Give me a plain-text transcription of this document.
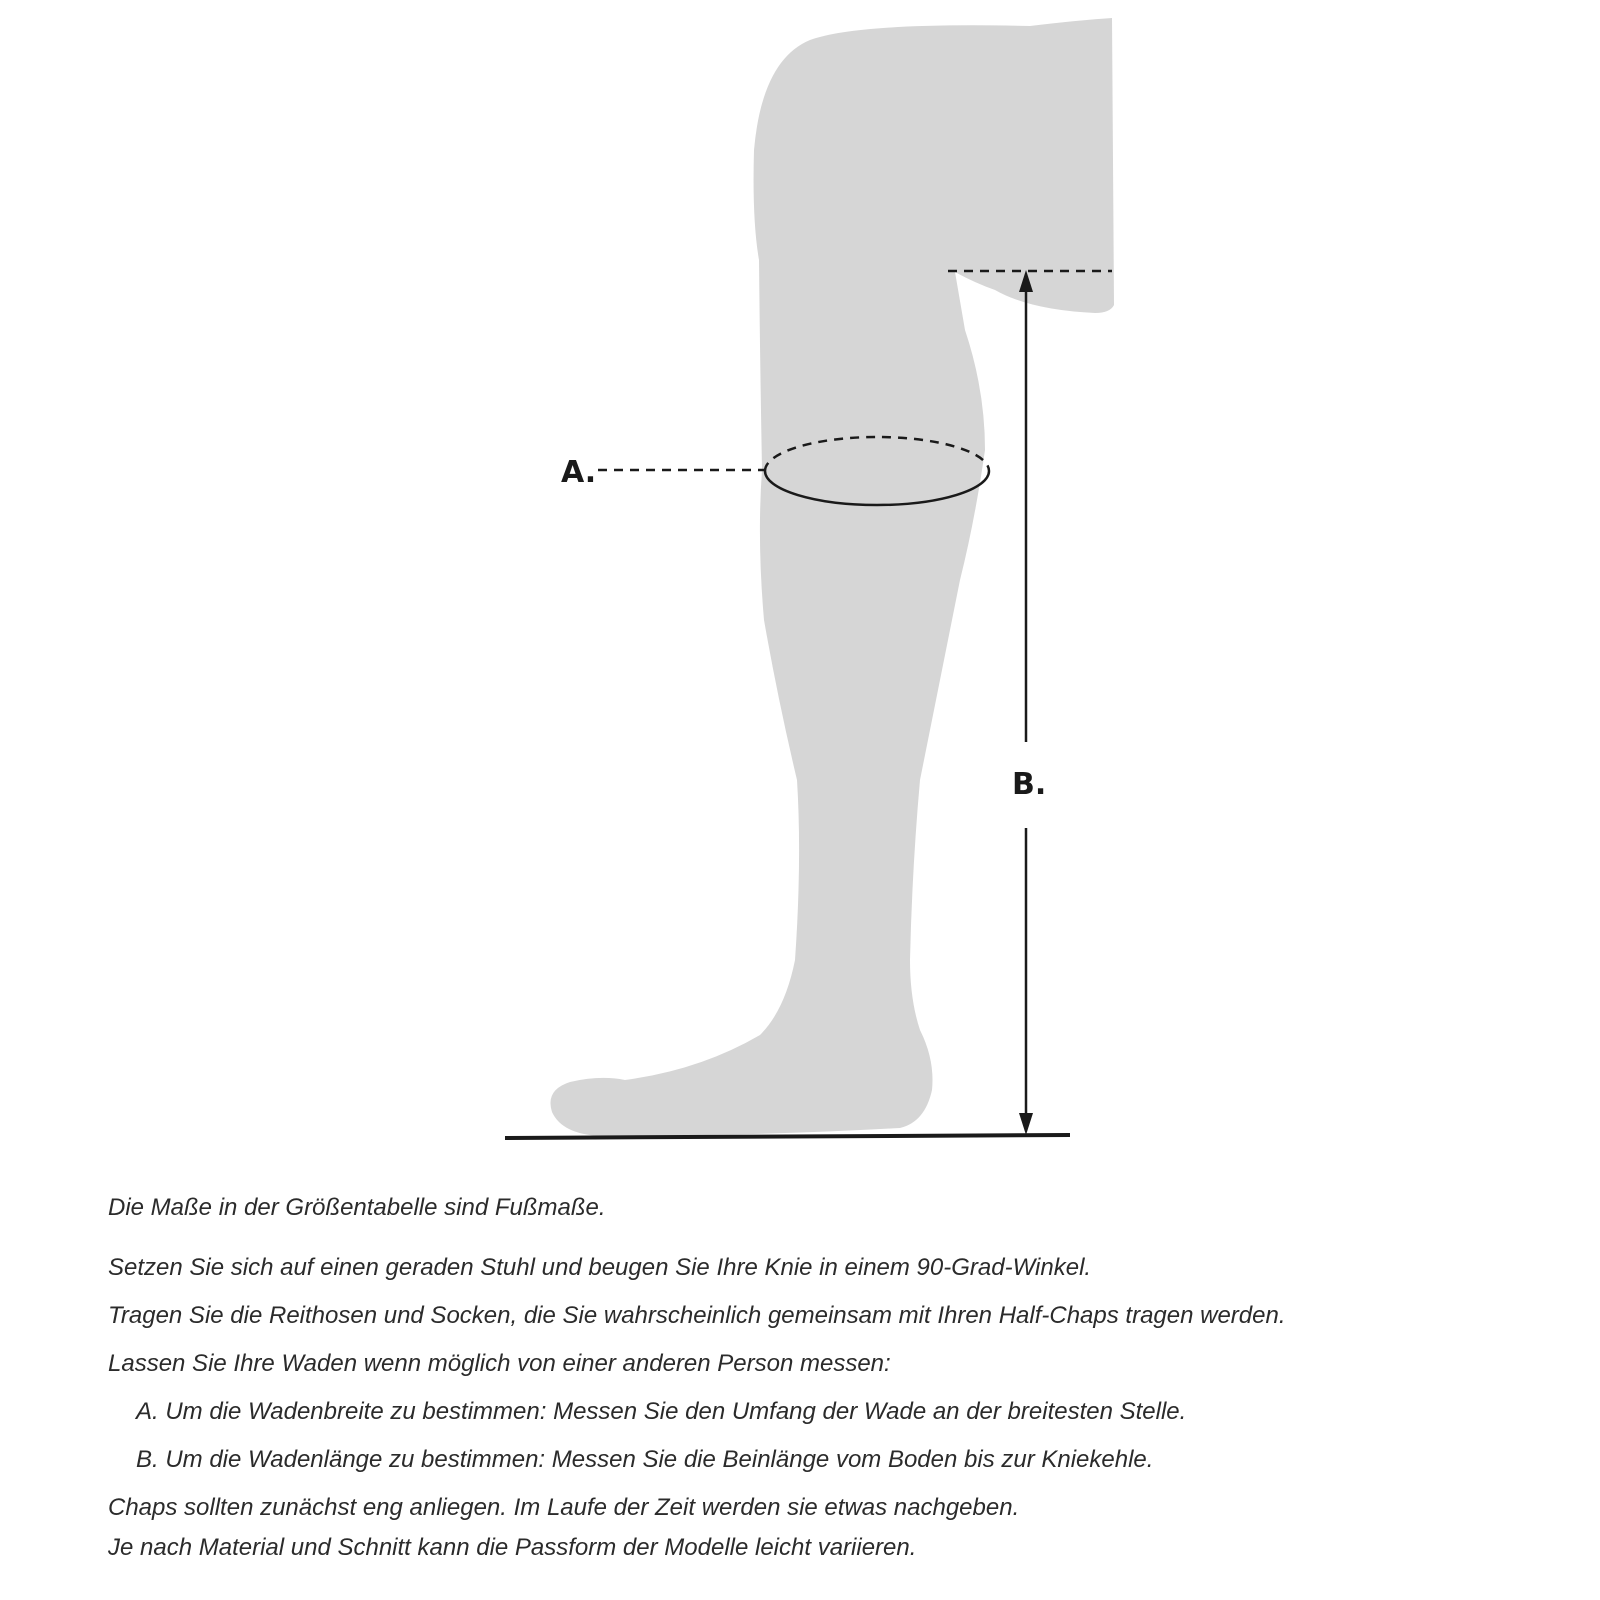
A.
B.

Die Maße in der Größentabelle sind Fußmaße.

Setzen Sie sich auf einen geraden Stuhl und beugen Sie Ihre Knie in einem 90-Grad-Winkel.

Tragen Sie die Reithosen und Socken, die Sie wahrscheinlich gemeinsam mit Ihren Half-Chaps tragen werden.

Lassen Sie Ihre Waden wenn möglich von einer anderen Person messen:

A. Um die Wadenbreite zu bestimmen: Messen Sie den Umfang der Wade an der breitesten Stelle.

B. Um die Wadenlänge zu bestimmen: Messen Sie die Beinlänge vom Boden bis zur Kniekehle.

Chaps sollten zunächst eng anliegen. Im Laufe der Zeit werden sie etwas nachgeben.

Je nach Material und Schnitt kann die Passform der Modelle leicht variieren.
